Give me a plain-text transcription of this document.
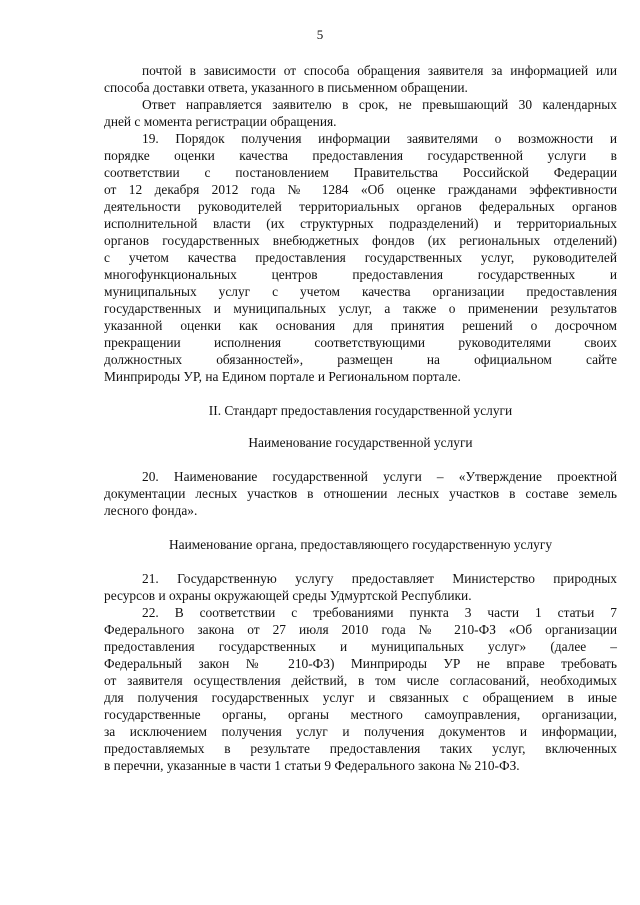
5
почтой в зависимости от способа обращения заявителя за информацией или
способа доставки ответа, указанного в письменном обращении.
Ответ направляется заявителю в срок, не превышающий 30 календарных
дней с момента регистрации обращения.
19. Порядок получения информации заявителями о возможности и
порядке оценки качества предоставления государственной услуги в
соответствии с постановлением Правительства Российской Федерации
от 12 декабря 2012 года № 1284 «Об оценке гражданами эффективности
деятельности руководителей территориальных органов федеральных органов
исполнительной власти (их структурных подразделений) и территориальных
органов государственных внебюджетных фондов (их региональных отделений)
с учетом качества предоставления государственных услуг, руководителей
многофункциональных центров предоставления государственных и
муниципальных услуг с учетом качества организации предоставления
государственных и муниципальных услуг, а также о применении результатов
указанной оценки как основания для принятия решений о досрочном
прекращении исполнения соответствующими руководителями своих
должностных обязанностей», размещен на официальном сайте
Минприроды УР, на Едином портале и Региональном портале.
II. Стандарт предоставления государственной услуги
Наименование государственной услуги
20. Наименование государственной услуги – «Утверждение проектной
документации лесных участков в отношении лесных участков в составе земель
лесного фонда».
Наименование органа, предоставляющего государственную услугу
21. Государственную услугу предоставляет Министерство природных
ресурсов и охраны окружающей среды Удмуртской Республики.
22. В соответствии с требованиями пункта 3 части 1 статьи 7
Федерального закона от 27 июля 2010 года № 210-ФЗ «Об организации
предоставления государственных и муниципальных услуг» (далее –
Федеральный закон № 210-ФЗ) Минприроды УР не вправе требовать
от заявителя осуществления действий, в том числе согласований, необходимых
для получения государственных услуг и связанных с обращением в иные
государственные органы, органы местного самоуправления, организации,
за исключением получения услуг и получения документов и информации,
предоставляемых в результате предоставления таких услуг, включенных
в перечни, указанные в части 1 статьи 9 Федерального закона № 210-ФЗ.
